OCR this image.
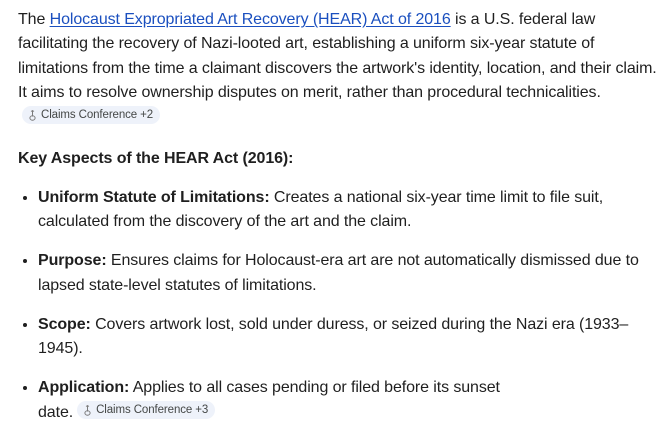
The Holocaust Expropriated Art Recovery (HEAR) Act of 2016 is a U.S. federal law facilitating the recovery of Nazi-looted art, establishing a uniform six-year statute of limitations from the time a claimant discovers the artwork's identity, location, and their claim. It aims to resolve ownership disputes on merit, rather than procedural technicalities.
Claims Conference +2

Key Aspects of the HEAR Act (2016):
• Uniform Statute of Limitations: Creates a national six-year time limit to file suit, calculated from the discovery of the art and the claim.
• Purpose: Ensures claims for Holocaust-era art are not automatically dismissed due to lapsed state-level statutes of limitations.
• Scope: Covers artwork lost, sold under duress, or seized during the Nazi era (1933–1945).
• Application: Applies to all cases pending or filed before its sunset
date. Claims Conference +3
